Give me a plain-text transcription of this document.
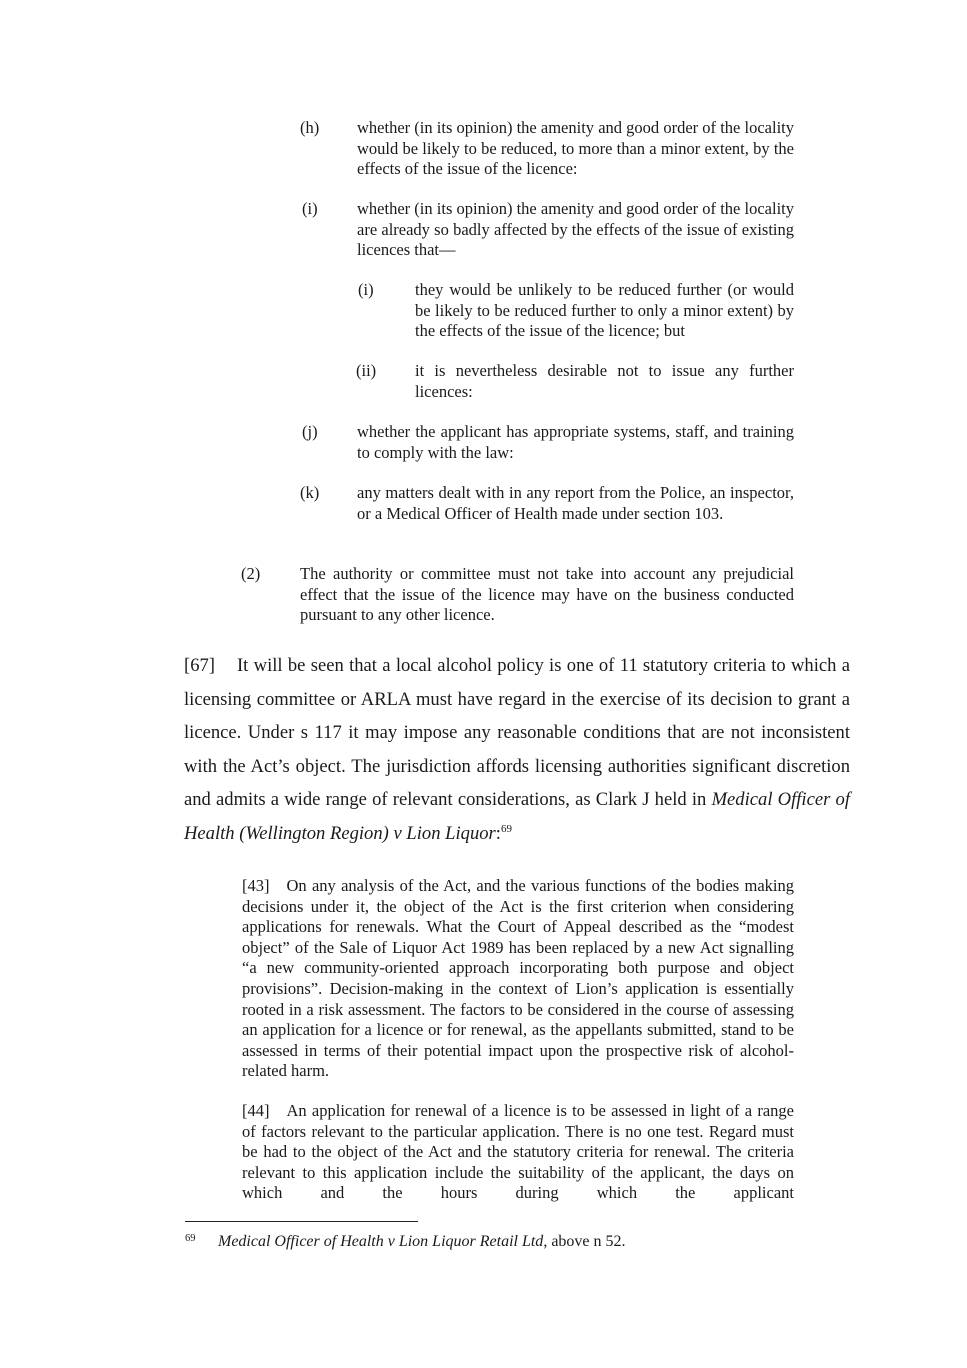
(h) whether (in its opinion) the amenity and good order of the locality would be likely to be reduced, to more than a minor extent, by the effects of the issue of the licence:
(i) whether (in its opinion) the amenity and good order of the locality are already so badly affected by the effects of the issue of existing licences that—
(i)	they would be unlikely to be reduced further (or would be likely to be reduced further to only a minor extent) by the effects of the issue of the licence; but
(ii) it is nevertheless desirable not to issue any further licences:
(j) whether the applicant has appropriate systems, staff, and training to comply with the law:
(k) any matters dealt with in any report from the Police, an inspector, or a Medical Officer of Health made under section 103.
(2) The authority or committee must not take into account any prejudicial effect that the issue of the licence may have on the business conducted pursuant to any other licence.
[67] It will be seen that a local alcohol policy is one of 11 statutory criteria to which a licensing committee or ARLA must have regard in the exercise of its decision to grant a licence. Under s 117 it may impose any reasonable conditions that are not inconsistent with the Act’s object. The jurisdiction affords licensing authorities significant discretion and admits a wide range of relevant considerations, as Clark J held in Medical Officer of Health (Wellington Region) v Lion Liquor:$^{69}$
[43] On any analysis of the Act, and the various functions of the bodies making decisions under it, the object of the Act is the first criterion when considering applications for renewals. What the Court of Appeal described as the “modest object” of the Sale of Liquor Act 1989 has been replaced by a new Act signalling “a new community-oriented approach incorporating both purpose and object provisions”. Decision-making in the context of Lion’s application is essentially rooted in a risk assessment. The factors to be considered in the course of assessing an application for a licence or for renewal, as the appellants submitted, stand to be assessed in terms of their potential impact upon the prospective risk of alcohol-related harm.
[44] An application for renewal of a licence is to be assessed in light of a range of factors relevant to the particular application. There is no one test. Regard must be had to the object of the Act and the statutory criteria for renewal. The criteria relevant to this application include the suitability of the applicant, the days on which and the hours during which the applicant
69 Medical Officer of Health v Lion Liquor Retail Ltd, above n 52.
